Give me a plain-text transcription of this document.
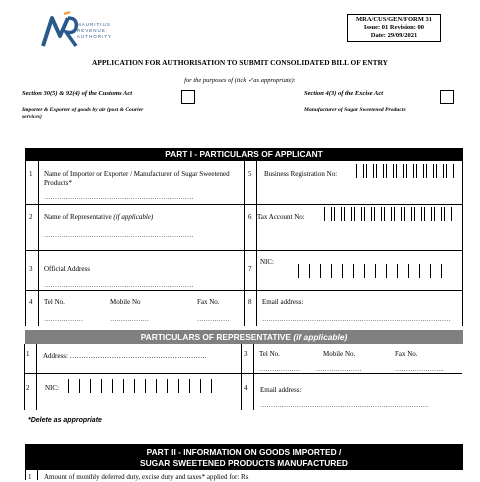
MAURITIUS
REVENUE
AUTHORITY
MRA/CUS/GEN/FORM 31
Issue: 01 Revision: 00
Date: 29/09/2021
APPLICATION FOR AUTHORISATION TO SUBMIT CONSOLIDATED BILL OF ENTRY
for the purposes of (tick ✓as appropriate):
Section 30(5) & 92(4) of the Customs Act
Importer & Exporter of goods by air (post & Courier services)
Section 4(3) of the Excise Act
Manufacturer of Sugar Sweetened Products
PART I - PARTICULARS OF APPLICANT
1 Name of Importer or Exporter / Manufacturer of Sugar Sweetened Products*
……………………………………………………………
5 Business Registration No:
2 Name of Representative (if applicable)
……………………………………………………………
6 Tax Account No:
3 Official Address
……………………………………………………………
7
NIC:
4 Tel No.	Mobile No	Fax No.
………………	………………	……………
8 Email address:
……………………………………………………………………………
PARTICULARS OF REPRESENTATIVE (if applicable)
1 Address: …………………………………………………..	3 Tel No.	Mobile No.	Fax No.
……………….	…………………	…………………..
2 NIC:	4 Email address:
……………………………………………………………………
*Delete as appropriate
PART II - INFORMATION ON GOODS IMPORTED /
SUGAR SWEETENED PRODUCTS MANUFACTURED
1 Amount of monthly deferred duty, excise duty and taxes* applied for: Rs
